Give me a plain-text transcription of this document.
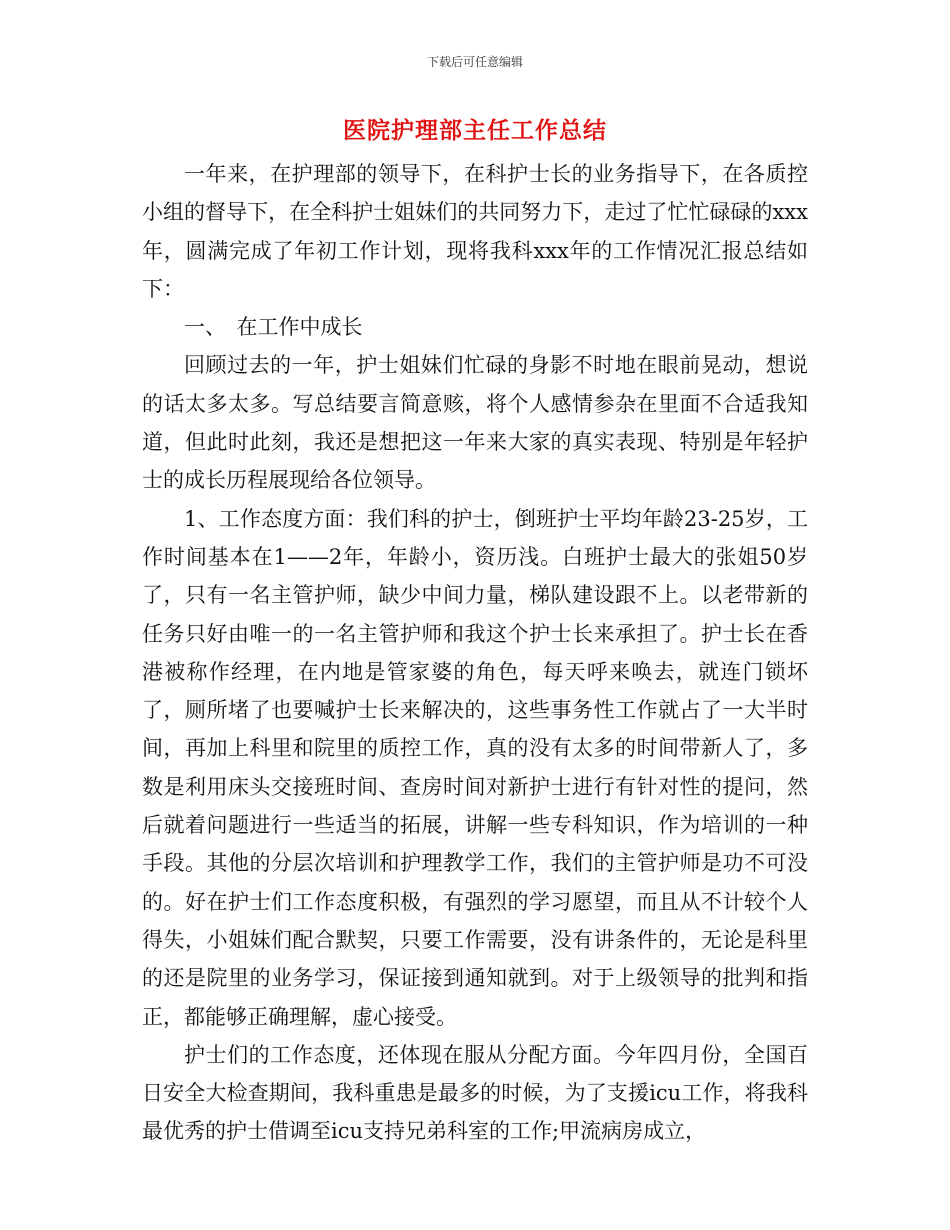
下载后可任意编辑
医院护理部主任工作总结

一年来，在护理部的领导下，在科护士长的业务指导下，在各质控小组的督导下，在全科护士姐妹们的共同努力下，走过了忙忙碌碌的xxx年，圆满完成了年初工作计划，现将我科xxx年的工作情况汇报总结如下：

一、　在工作中成长

回顾过去的一年，护士姐妹们忙碌的身影不时地在眼前晃动，想说的话太多太多。写总结要言简意赅，将个人感情参杂在里面不合适我知道，但此时此刻，我还是想把这一年来大家的真实表现、特别是年轻护士的成长历程展现给各位领导。

1、工作态度方面：我们科的护士，倒班护士平均年龄23-25岁，工作时间基本在1——2年，年龄小，资历浅。白班护士最大的张姐50岁了，只有一名主管护师，缺少中间力量，梯队建设跟不上。以老带新的任务只好由唯一的一名主管护师和我这个护士长来承担了。护士长在香港被称作经理，在内地是管家婆的角色，每天呼来唤去，就连门锁坏了，厕所堵了也要喊护士长来解决的，这些事务性工作就占了一大半时间，再加上科里和院里的质控工作，真的没有太多的时间带新人了，多数是利用床头交接班时间、查房时间对新护士进行有针对性的提问，然后就着问题进行一些适当的拓展，讲解一些专科知识，作为培训的一种手段。其他的分层次培训和护理教学工作，我们的主管护师是功不可没的。好在护士们工作态度积极，有强烈的学习愿望，而且从不计较个人得失，小姐妹们配合默契，只要工作需要，没有讲条件的，无论是科里的还是院里的业务学习，保证接到通知就到。对于上级领导的批判和指正，都能够正确理解，虚心接受。

护士们的工作态度，还体现在服从分配方面。今年四月份，全国百日安全大检查期间，我科重患是最多的时候，为了支援icu工作，将我科最优秀的护士借调至icu支持兄弟科室的工作;甲流病房成立，
